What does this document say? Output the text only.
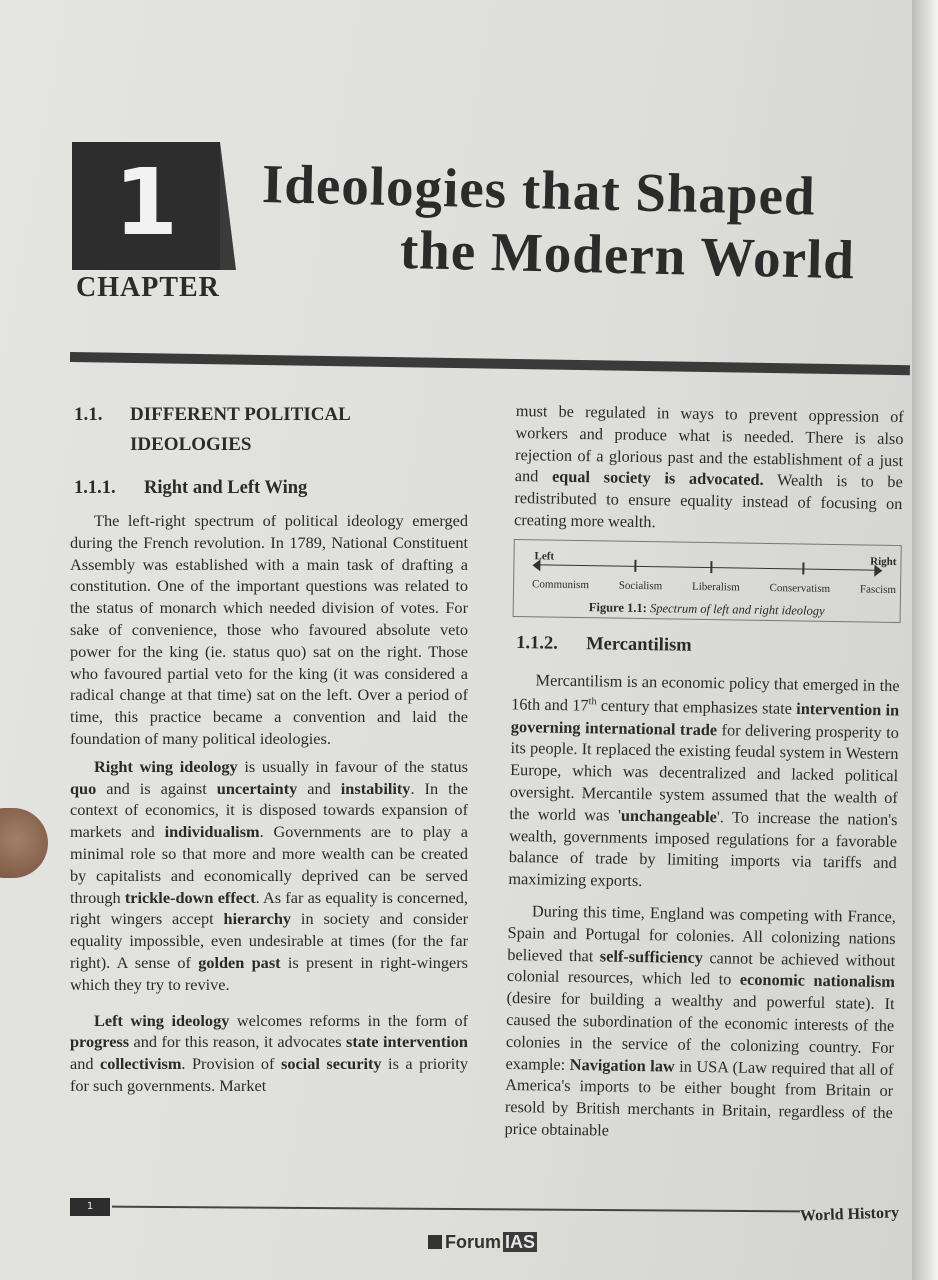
1
CHAPTER
Ideologies that Shaped
the Modern World
1.1. DIFFERENT POLITICAL
IDEOLOGIES
1.1.1. Right and Left Wing

The left-right spectrum of political ideology emerged during the French revolution. In 1789, National Constituent Assembly was established with a main task of drafting a constitution. One of the important questions was related to the status of monarch which needed division of votes. For sake of convenience, those who favoured absolute veto power for the king (ie. status quo) sat on the right. Those who favoured partial veto for the king (it was considered a radical change at that time) sat on the left. Over a period of time, this practice became a convention and laid the foundation of many political ideologies.

Right wing ideology is usually in favour of the status quo and is against uncertainty and instability. In the context of economics, it is disposed towards expansion of markets and individualism. Governments are to play a minimal role so that more and more wealth can be created by capitalists and economically deprived can be served through trickle-down effect. As far as equality is concerned, right wingers accept hierarchy in society and consider equality impossible, even undesirable at times (for the far right). A sense of golden past is present in right-wingers which they try to revive.

Left wing ideology welcomes reforms in the form of progress and for this reason, it advocates state intervention and collectivism. Provision of social security is a priority for such governments. Market

must be regulated in ways to prevent oppression of workers and produce what is needed. There is also rejection of a glorious past and the establishment of a just and equal society is advocated. Wealth is to be redistributed to ensure equality instead of focusing on creating more wealth.

Left	Right
Communism	Socialism	Liberalism	Conservatism	Fascism
Figure 1.1: Spectrum of left and right ideology
1.1.2. Mercantilism

Mercantilism is an economic policy that emerged in the 16th and 17th century that emphasizes state intervention in governing international trade for delivering prosperity to its people. It replaced the existing feudal system in Western Europe, which was decentralized and lacked political oversight. Mercantile system assumed that the wealth of the world was 'unchangeable'. To increase the nation's wealth, governments imposed regulations for a favorable balance of trade by limiting imports via tariffs and maximizing exports.

During this time, England was competing with France, Spain and Portugal for colonies. All colonizing nations believed that self-sufficiency cannot be achieved without colonial resources, which led to economic nationalism (desire for building a wealthy and powerful state). It caused the subordination of the economic interests of the colonies in the service of the colonizing country. For example: Navigation law in USA (Law required that all of America's imports to be either bought from Britain or resold by British merchants in Britain, regardless of the price obtainable

1	World History
Forum IAS
